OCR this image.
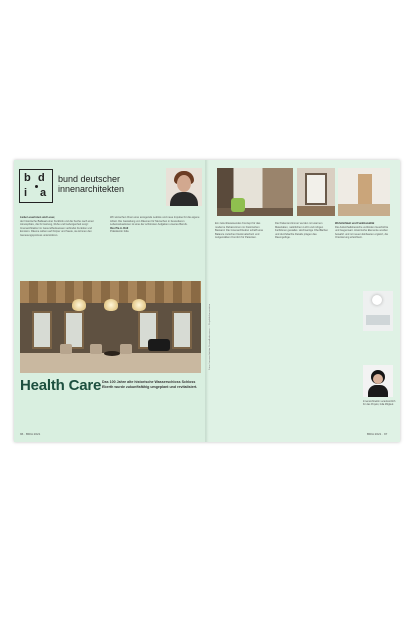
b d
i a
bund deutscher
innenarchitekten
Liebe Leserinnen und Leser,
der historische Ballsaal einer Kurklinik und die Suche nach einer Atmosphäre, die für Heilung, Ruhe und Geborgenheit sorgt: Innenarchitektur im Gesundheitswesen verbindet Funktion und Emotion. Räume wirken auf Körper und Seele, sie können den Genesungsprozess unterstützen.
Wir wünschen Ihnen eine anregende Lektüre und neue Impulse für die eigene Arbeit. Die Gestaltung von Räumen für Menschen in besonderen Lebenssituationen ist eine der schönsten Aufgaben unseres Berufs.
Ihre Pia A. Döll
Präsidentin bdia
Health Care Das 100 Jahre alte historische Wasserschloss Schloss Eberth wurde zukunftsfähig umgeplant und revitalisiert.
96 · BDIA 2021
Fotos: Innenarchitektur Gesundheitswesen — Projektdokumentation
Ein zukunftsweisendes Konzept für das moderne Rehazentrum im historischen Bestand. Die Innenarchitektur schafft eine Balance zwischen Denkmalschutz und zeitgemäßem Komfort für Patienten.
Die Patientenzimmer wurden mit warmen Materialien, natürlichem Licht und ruhigen Farbtönen gestaltet. Hochwertige Oberflächen und durchdachte Details prägen das Raumgefüge.
Wohnlichkeit und Funktionalität
Die Aufenthaltsbereiche verbinden Geschichte und Gegenwart. Historische Elemente wurden bewahrt und mit neuen Einbauten ergänzt, die Orientierung erleichtern.
Innenarchitektin verantwortlich für das Projekt, bdia Mitglied.
BDIA 2021 · 97
